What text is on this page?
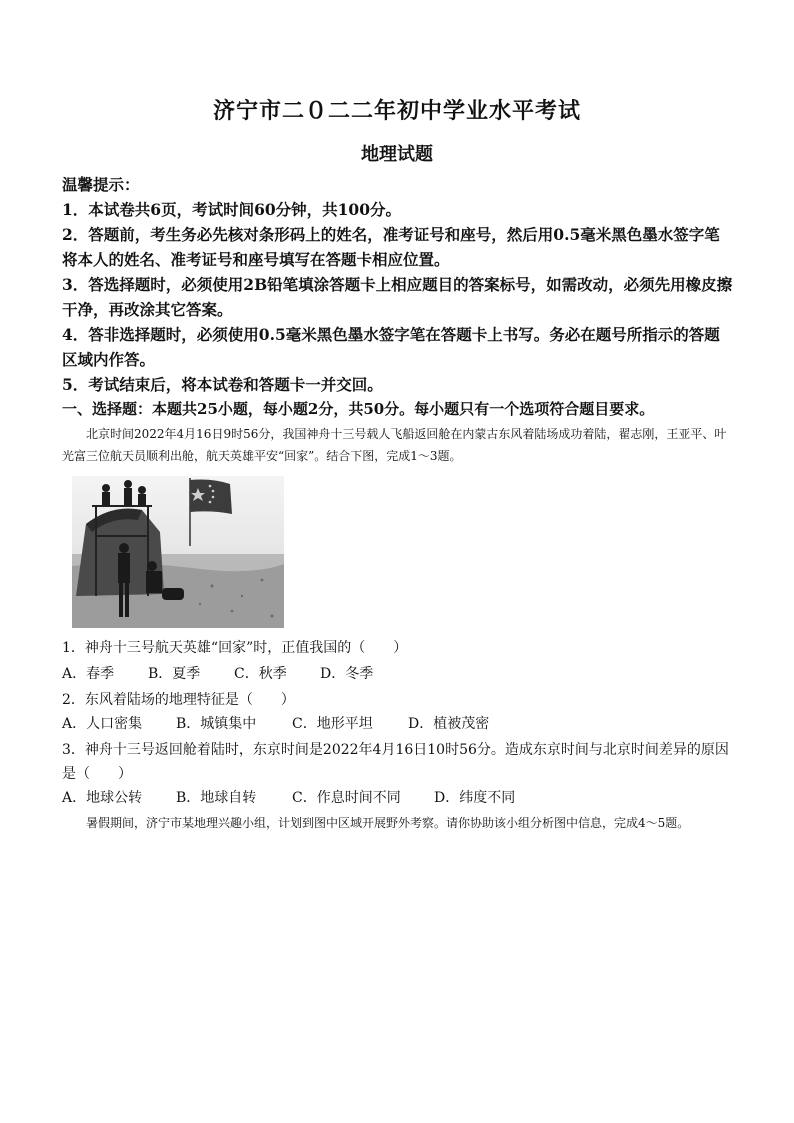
济宁市二０二二年初中学业水平考试
地理试题
温馨提示：
1．本试卷共6页，考试时间60分钟，共100分。
2．答题前，考生务必先核对条形码上的姓名，准考证号和座号，然后用0.5毫米黑色墨水签字笔将本人的姓名、准考证号和座号填写在答题卡相应位置。
3．答选择题时，必须使用2B铅笔填涂答题卡上相应题目的答案标号，如需改动，必须先用橡皮擦干净，再改涂其它答案。
4．答非选择题时，必须使用0.5毫米黑色墨水签字笔在答题卡上书写。务必在题号所指示的答题区域内作答。
5．考试结束后，将本试卷和答题卡一并交回。
一、选择题：本题共25小题，每小题2分，共50分。每小题只有一个选项符合题目要求。
北京时间2022年4月16日9时56分，我国神舟十三号载人飞船返回舱在内蒙古东风着陆场成功着陆，翟志刚，王亚平、叶光富三位航天员顺利出舱，航天英雄平安“回家”。结合下图，完成1～3题。
1．神舟十三号航天英雄“回家”时，正值我国的（　　）
A．春季	B．夏季	C．秋季	D．冬季
2．东风着陆场的地理特征是（　　）
A．人口密集	B．城镇集中	C．地形平坦	D．植被茂密
3．神舟十三号返回舱着陆时，东京时间是2022年4月16日10时56分。造成东京时间与北京时间差异的原因是（　　）
A．地球公转	B．地球自转	C．作息时间不同	D．纬度不同
暑假期间，济宁市某地理兴趣小组，计划到图中区域开展野外考察。请你协助该小组分析图中信息，完成4～5题。
